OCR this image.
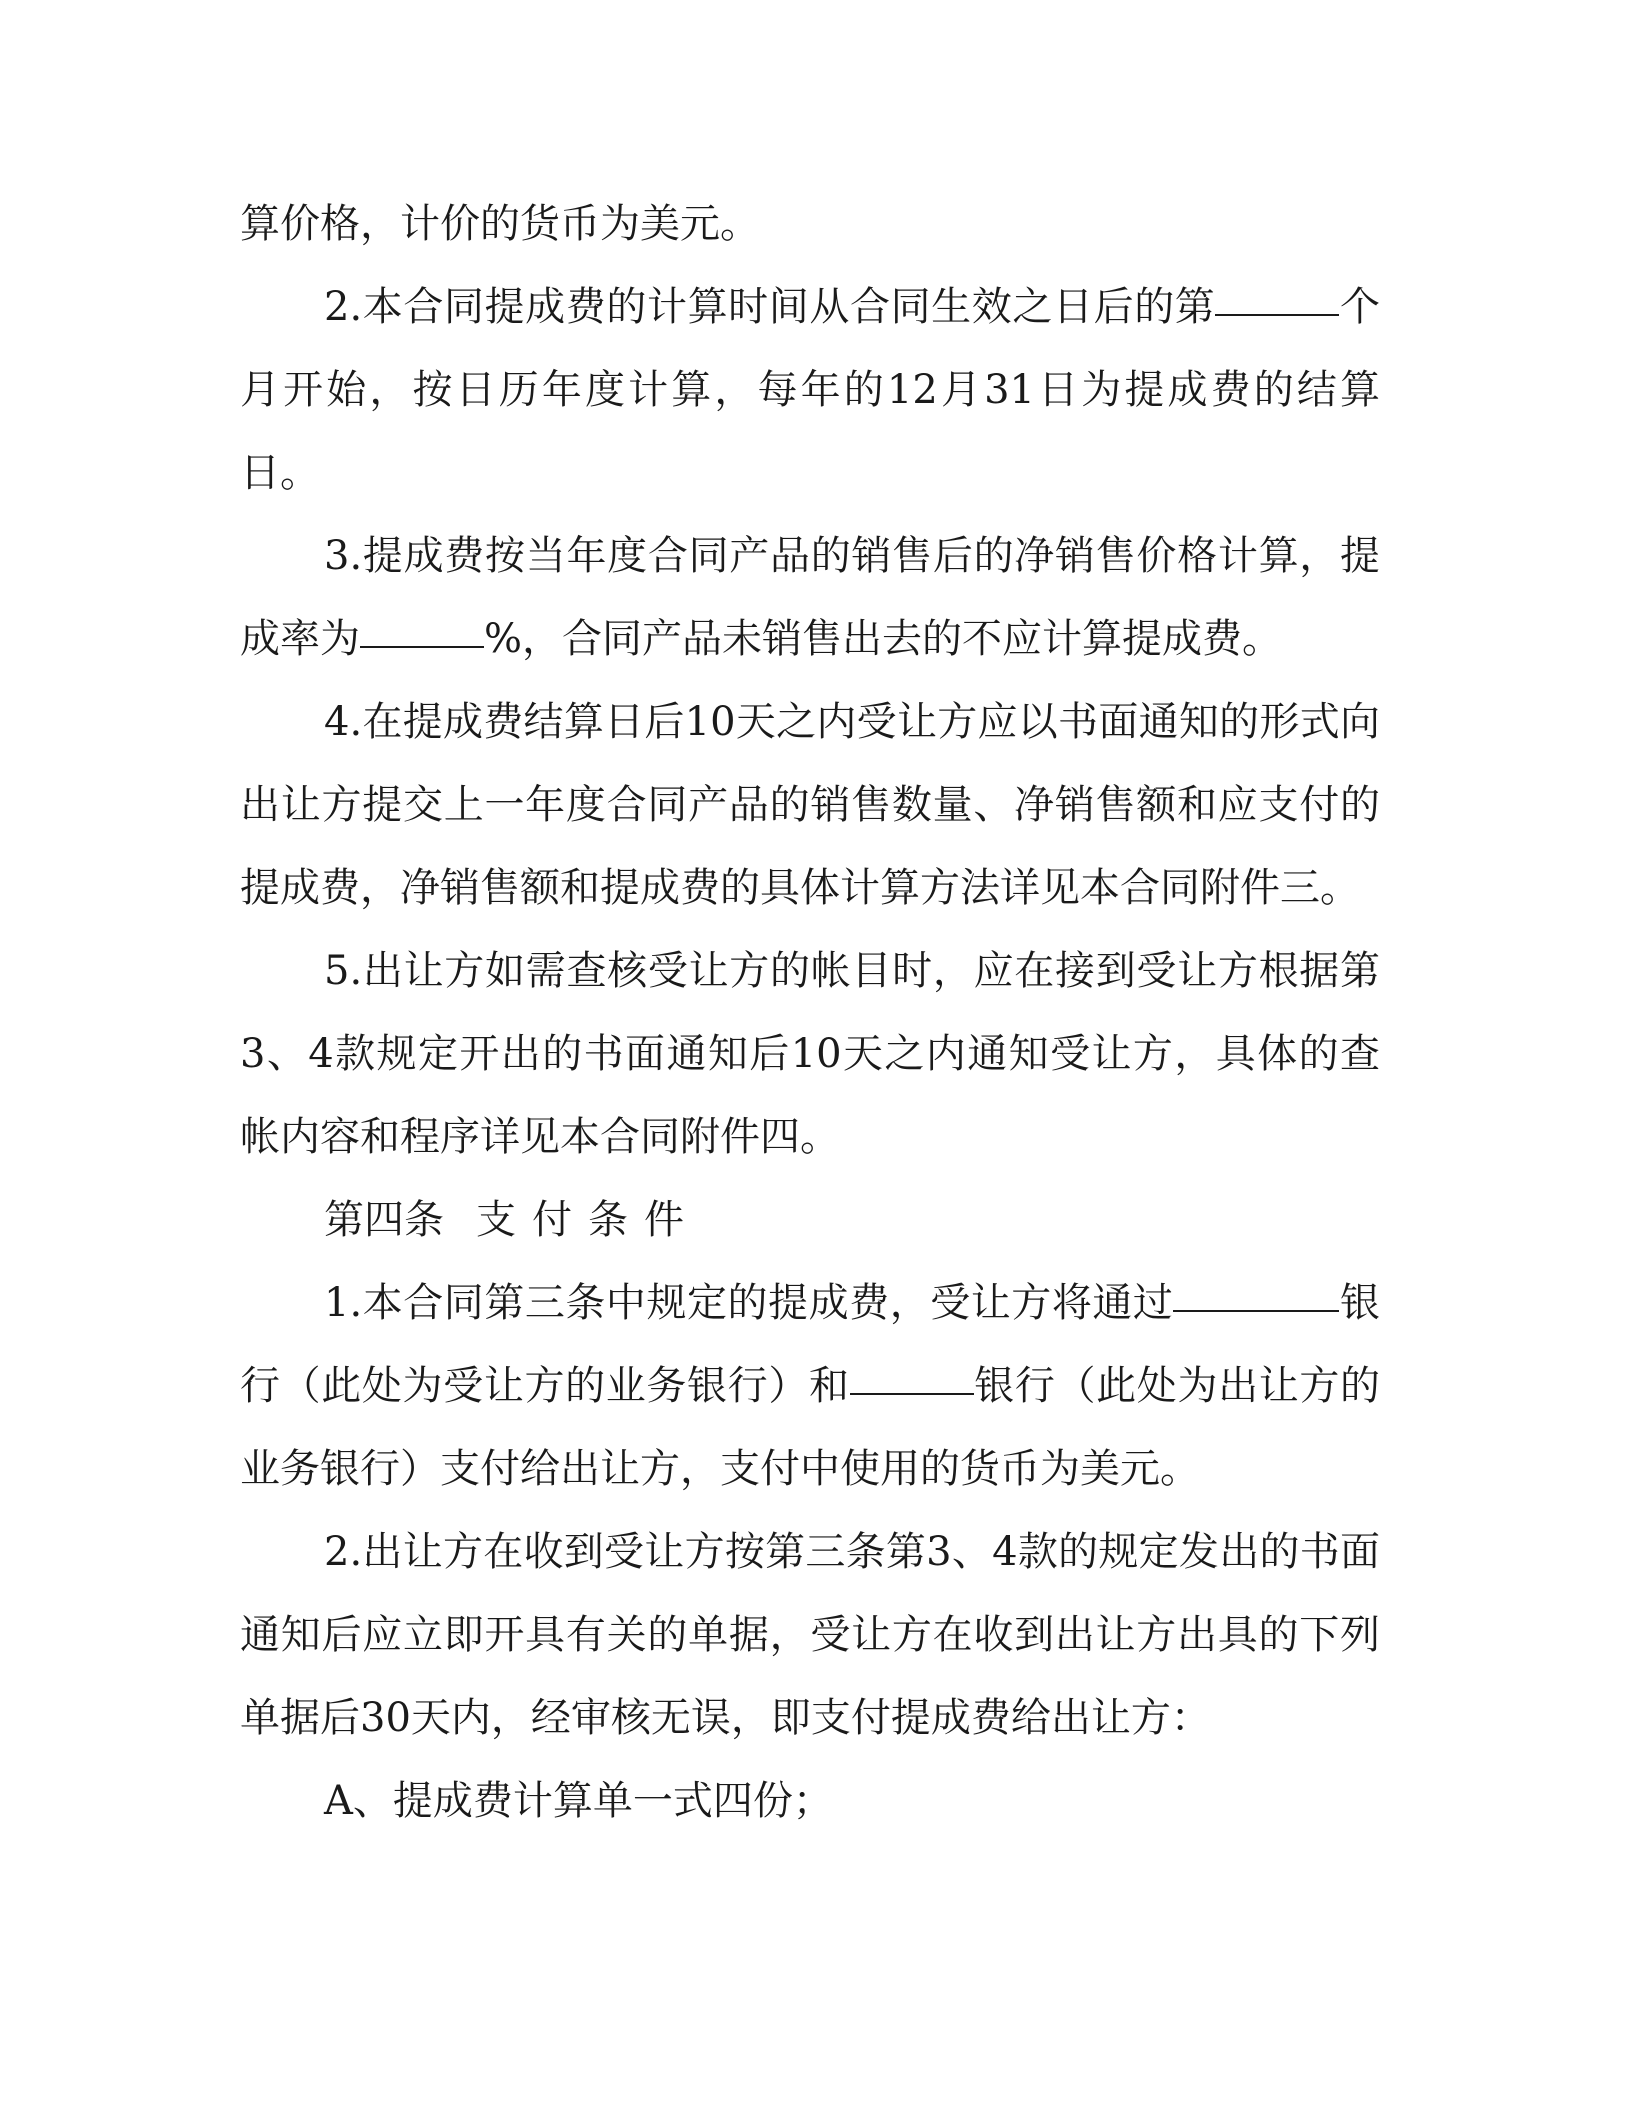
算价格，计价的货币为美元。

2.本合同提成费的计算时间从合同生效之日后的第	个月开始，按日历年度计算，每年的12月31日为提成费的结算日。

3.提成费按当年度合同产品的销售后的净销售价格计算，提成率为	%，合同产品未销售出去的不应计算提成费。

4.在提成费结算日后10天之内受让方应以书面通知的形式向出让方提交上一年度合同产品的销售数量、净销售额和应支付的提成费，净销售额和提成费的具体计算方法详见本合同附件三。

5.出让方如需查核受让方的帐目时，应在接到受让方根据第3、4款规定开出的书面通知后10天之内通知受让方，具体的查帐内容和程序详见本合同附件四。

第四条 支 付 条 件

1.本合同第三条中规定的提成费，受让方将通过	银行（此处为受让方的业务银行）和	银行（此处为出让方的业务银行）支付给出让方，支付中使用的货币为美元。

2.出让方在收到受让方按第三条第3、4款的规定发出的书面通知后应立即开具有关的单据，受让方在收到出让方出具的下列单据后30天内，经审核无误，即支付提成费给出让方：

A、提成费计算单一式四份；
